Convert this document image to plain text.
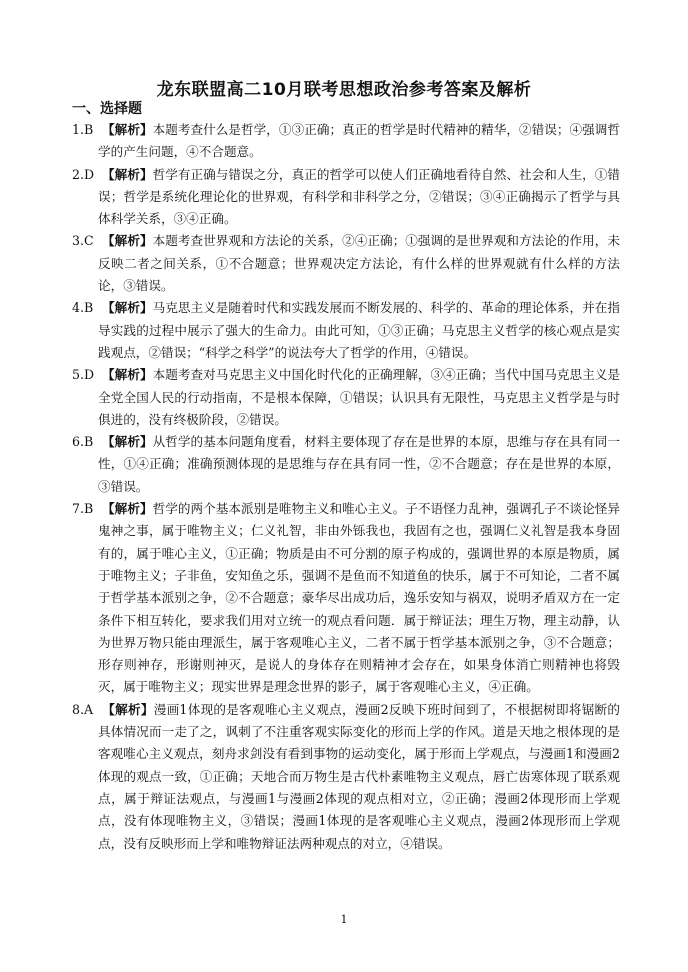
龙东联盟高二10月联考思想政治参考答案及解析
一、选择题

1.B 【解析】本题考查什么是哲学，①③正确；真正的哲学是时代精神的精华，②错误；④强调哲学的产生问题，④不合题意。

2.D 【解析】哲学有正确与错误之分，真正的哲学可以使人们正确地看待自然、社会和人生，①错误；哲学是系统化理论化的世界观，有科学和非科学之分，②错误；③④正确揭示了哲学与具体科学关系，③④正确。

3.C 【解析】本题考查世界观和方法论的关系，②④正确；①强调的是世界观和方法论的作用，未反映二者之间关系，①不合题意；世界观决定方法论，有什么样的世界观就有什么样的方法论，③错误。

4.B 【解析】马克思主义是随着时代和实践发展而不断发展的、科学的、革命的理论体系，并在指导实践的过程中展示了强大的生命力。由此可知，①③正确；马克思主义哲学的核心观点是实践观点，②错误；“科学之科学”的说法夸大了哲学的作用，④错误。

5.D 【解析】本题考查对马克思主义中国化时代化的正确理解，③④正确；当代中国马克思主义是全党全国人民的行动指南，不是根本保障，①错误；认识具有无限性，马克思主义哲学是与时俱进的，没有终极阶段，②错误。

6.B 【解析】从哲学的基本问题角度看，材料主要体现了存在是世界的本原，思维与存在具有同一性，①④正确；准确预测体现的是思维与存在具有同一性，②不合题意；存在是世界的本原，③错误。

7.B 【解析】哲学的两个基本派别是唯物主义和唯心主义。子不语怪力乱神，强调孔子不谈论怪异鬼神之事，属于唯物主义；仁义礼智，非由外铄我也，我固有之也，强调仁义礼智是我本身固有的，属于唯心主义，①正确；物质是由不可分割的原子构成的，强调世界的本原是物质，属于唯物主义；子非鱼，安知鱼之乐，强调不是鱼而不知道鱼的快乐，属于不可知论，二者不属于哲学基本派别之争，②不合题意；豪华尽出成功后，逸乐安知与祸双，说明矛盾双方在一定条件下相互转化，要求我们用对立统一的观点看问题．属于辩证法；理生万物，理主动静，认为世界万物只能由理派生，属于客观唯心主义，二者不属于哲学基本派别之争，③不合题意；形存则神存，形谢则神灭，是说人的身体存在则精神才会存在，如果身体消亡则精神也将毁灭，属于唯物主义；现实世界是理念世界的影子，属于客观唯心主义，④正确。

8.A 【解析】漫画1体现的是客观唯心主义观点，漫画2反映下班时间到了，不根据树即将锯断的具体情况而一走了之，讽刺了不注重客观实际变化的形而上学的作风。道是天地之根体现的是客观唯心主义观点，刻舟求剑没有看到事物的运动变化，属于形而上学观点，与漫画1和漫画2体现的观点一致，①正确；天地合而万物生是古代朴素唯物主义观点，唇亡齿寒体现了联系观点，属于辩证法观点，与漫画1与漫画2体现的观点相对立，②正确；漫画2体现形而上学观点，没有体现唯物主义，③错误；漫画1体现的是客观唯心主义观点，漫画2体现形而上学观点，没有反映形而上学和唯物辩证法两种观点的对立，④错误。

1
